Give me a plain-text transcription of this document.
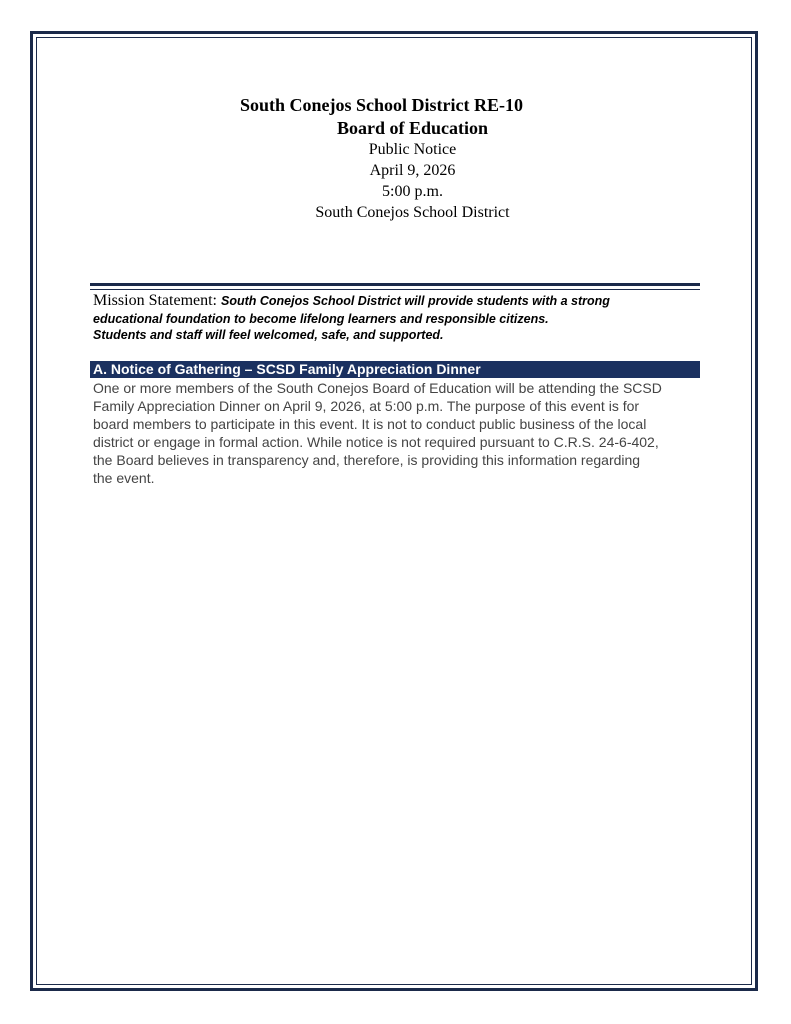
South Conejos School District RE-10
Board of Education
Public Notice
April 9, 2026
5:00 p.m.
South Conejos School District
Mission Statement: South Conejos School District will provide students with a strong
educational foundation to become lifelong learners and responsible citizens.
Students and staff will feel welcomed, safe, and supported.
A. Notice of Gathering – SCSD Family Appreciation Dinner
One or more members of the South Conejos Board of Education will be attending the SCSD
Family Appreciation Dinner on April 9, 2026, at 5:00 p.m. The purpose of this event is for
board members to participate in this event. It is not to conduct public business of the local
district or engage in formal action. While notice is not required pursuant to C.R.S. 24-6-402,
the Board believes in transparency and, therefore, is providing this information regarding
the event.
